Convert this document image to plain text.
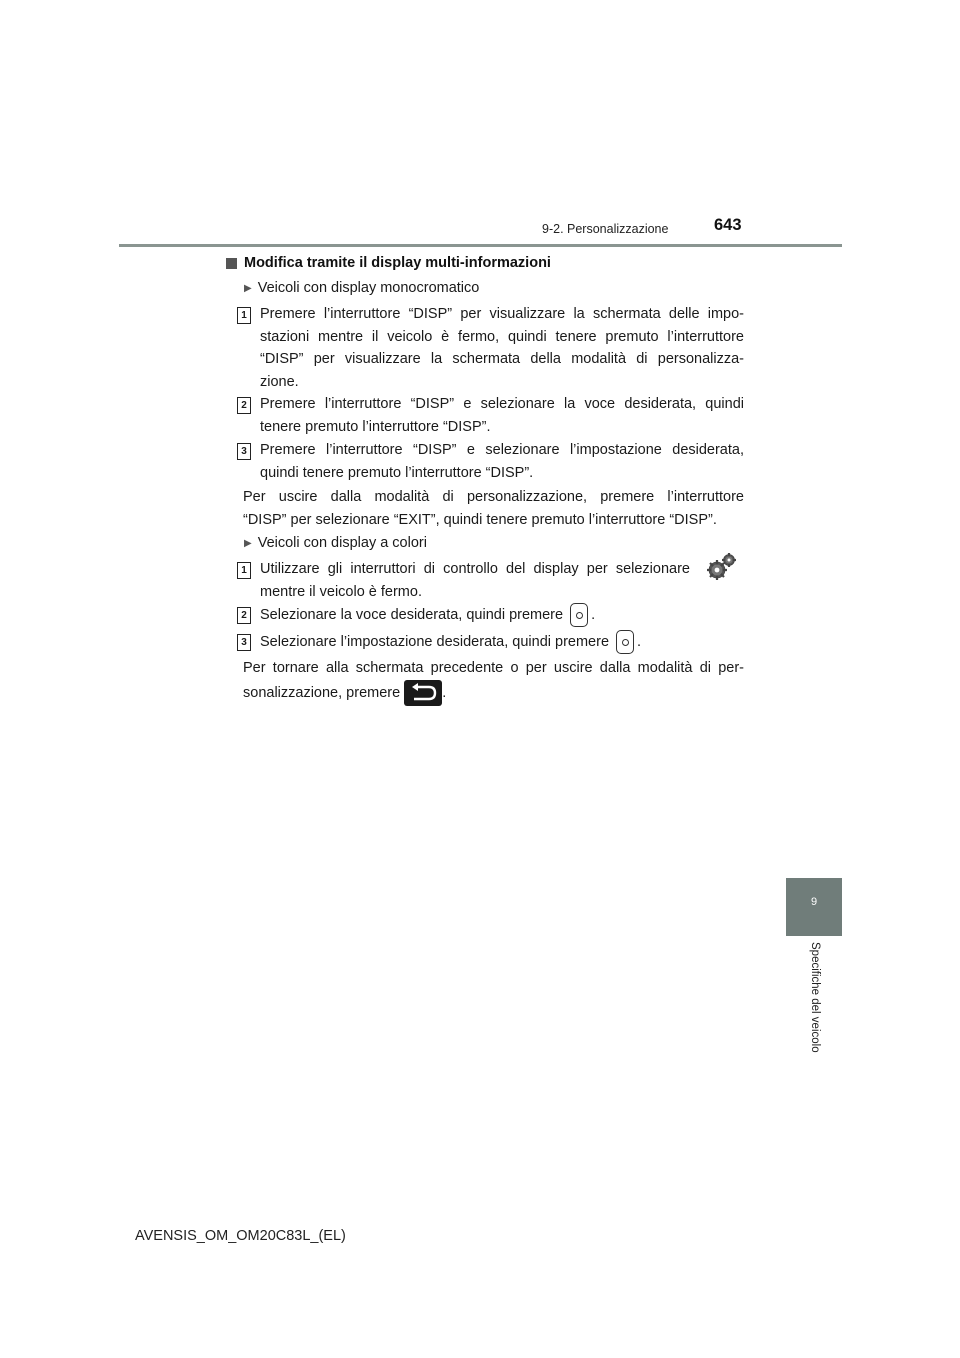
9-2. Personalizzazione	643
9
Specifiche del veicolo
Modifica tramite il display multi-informazioni
▶ Veicoli con display monocromatico
1 Premere l’interruttore “DISP” per visualizzare la schermata delle impo-
stazioni mentre il veicolo è fermo, quindi tenere premuto l’interruttore
“DISP” per visualizzare la schermata della modalità di personalizza-
zione.
2 Premere l’interruttore “DISP” e selezionare la voce desiderata, quindi
tenere premuto l’interruttore “DISP”.
3 Premere l’interruttore “DISP” e selezionare l’impostazione desiderata,
quindi tenere premuto l’interruttore “DISP”.
Per uscire dalla modalità di personalizzazione, premere l’interruttore
“DISP” per selezionare “EXIT”, quindi tenere premuto l’interruttore “DISP”.
▶ Veicoli con display a colori
1 Utilizzare gli interruttori di controllo del display per selezionare
mentre il veicolo è fermo.
2 Selezionare la voce desiderata, quindi premere .
3 Selezionare l’impostazione desiderata, quindi premere .
Per tornare alla schermata precedente o per uscire dalla modalità di per-
sonalizzazione, premere	.
AVENSIS_OM_OM20C83L_(EL)
